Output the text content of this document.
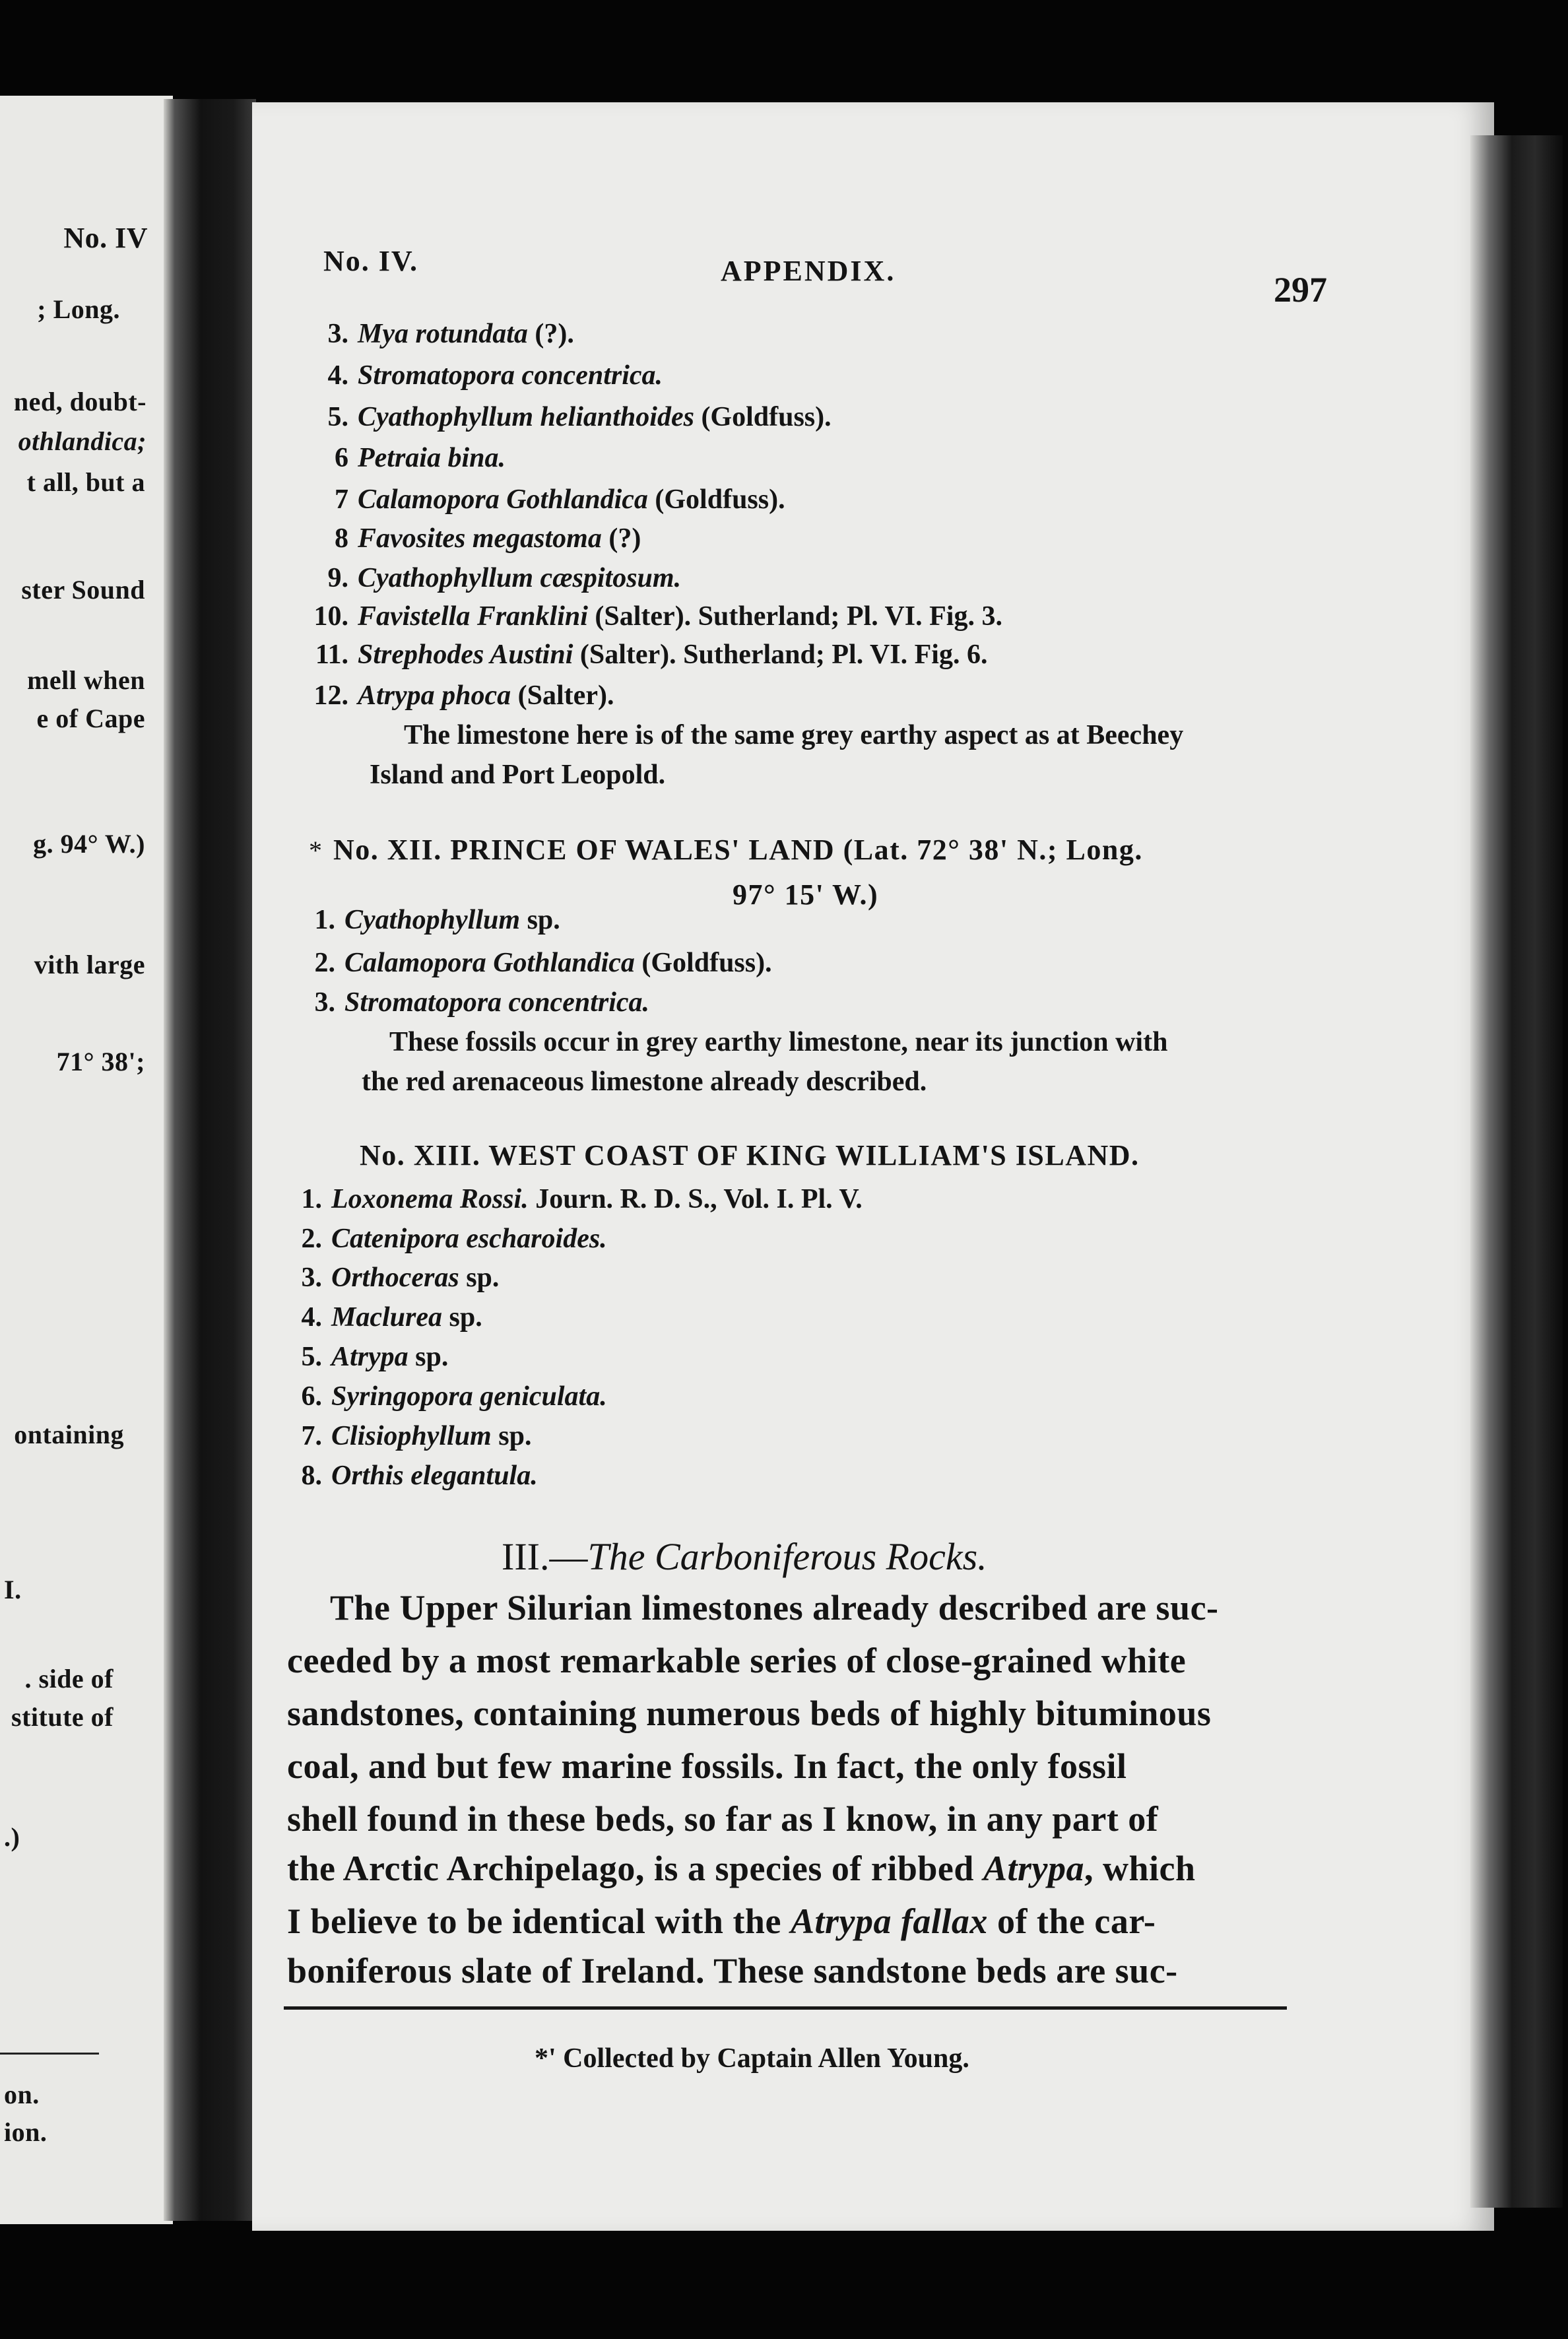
No. IV
; Long.
ned, doubt-
othlandica;
t all, but a
ster Sound
mell when
e of Cape
g. 94° W.)
vith large
71° 38';
ontaining
I.
. side of
stitute of
.)
on.
ion.
No. IV.	APPENDIX.	297
3. Mya rotundata (?).
4. Stromatopora concentrica.
5. Cyathophyllum helianthoides (Goldfuss).
6 Petraia bina.
7 Calamopora Gothlandica (Goldfuss).
8 Favosites megastoma (?)
9. Cyathophyllum cæspitosum.
10. Favistella Franklini (Salter). Sutherland; Pl. VI. Fig. 3.
11. Strephodes Austini (Salter). Sutherland; Pl. VI. Fig. 6.
12. Atrypa phoca (Salter).
The limestone here is of the same grey earthy aspect as at Beechey
Island and Port Leopold.
* No. XII. PRINCE OF WALES' LAND (Lat. 72° 38' N.; Long.
97° 15' W.)
1. Cyathophyllum sp.
2. Calamopora Gothlandica (Goldfuss).
3. Stromatopora concentrica.
These fossils occur in grey earthy limestone, near its junction with
the red arenaceous limestone already described.
No. XIII. WEST COAST OF KING WILLIAM'S ISLAND.
1. Loxonema Rossi. Journ. R. D. S., Vol. I. Pl. V.
2. Catenipora escharoides.
3. Orthoceras sp.
4. Maclurea sp.
5. Atrypa sp.
6. Syringopora geniculata.
7. Clisiophyllum sp.
8. Orthis elegantula.
III.—The Carboniferous Rocks.
The Upper Silurian limestones already described are suc-
ceeded by a most remarkable series of close-grained white
sandstones, containing numerous beds of highly bituminous
coal, and but few marine fossils. In fact, the only fossil
shell found in these beds, so far as I know, in any part of
the Arctic Archipelago, is a species of ribbed Atrypa, which
I believe to be identical with the Atrypa fallax of the car-
boniferous slate of Ireland. These sandstone beds are suc-
*' Collected by Captain Allen Young.
